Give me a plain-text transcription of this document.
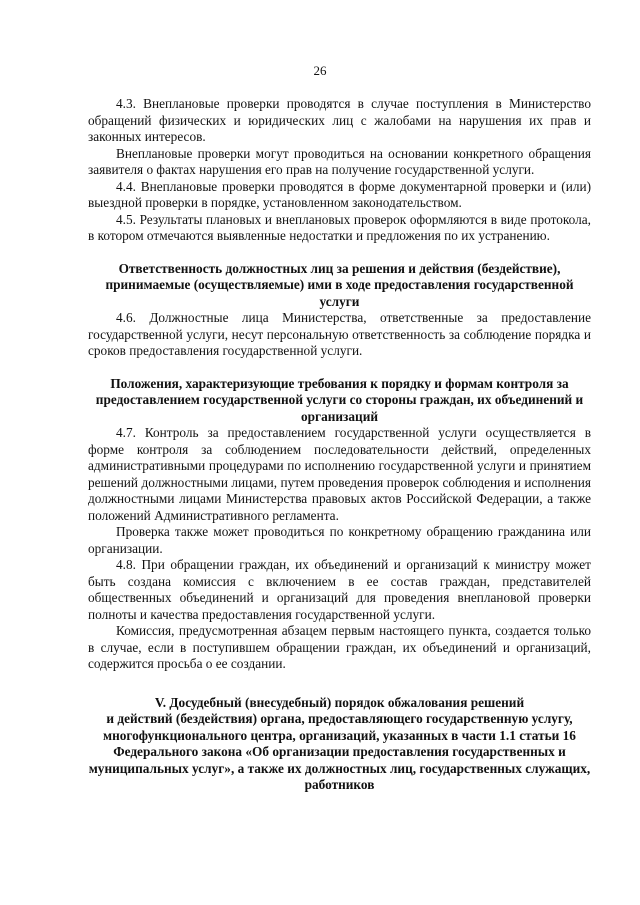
26

4.3. Внеплановые проверки проводятся в случае поступления в Министерство обращений физических и юридических лиц с жалобами на нарушения их прав и законных интересов.

Внеплановые проверки могут проводиться на основании конкретного обращения заявителя о фактах нарушения его прав на получение государственной услуги.

4.4. Внеплановые проверки проводятся в форме документарной проверки и (или) выездной проверки в порядке, установленном законодательством.

4.5. Результаты плановых и внеплановых проверок оформляются в виде протокола, в котором отмечаются выявленные недостатки и предложения по их устранению.

Ответственность должностных лиц за решения и действия (бездействие), принимаемые (осуществляемые) ими в ходе предоставления государственной услуги

4.6. Должностные лица Министерства, ответственные за предоставление государственной услуги, несут персональную ответственность за соблюдение порядка и сроков предоставления государственной услуги.

Положения, характеризующие требования к порядку и формам контроля за предоставлением государственной услуги со стороны граждан, их объединений и организаций

4.7. Контроль за предоставлением государственной услуги осуществляется в форме контроля за соблюдением последовательности действий, определенных административными процедурами по исполнению государственной услуги и принятием решений должностными лицами, путем проведения проверок соблюдения и исполнения должностными лицами Министерства правовых актов Российской Федерации, а также положений Административного регламента.

Проверка также может проводиться по конкретному обращению гражданина или организации.

4.8. При обращении граждан, их объединений и организаций к министру может быть создана комиссия с включением в ее состав граждан, представителей общественных объединений и организаций для проведения внеплановой проверки полноты и качества предоставления государственной услуги.

Комиссия, предусмотренная абзацем первым настоящего пункта, создается только в случае, если в поступившем обращении граждан, их объединений и организаций, содержится просьба о ее создании.

V. Досудебный (внесудебный) порядок обжалования решений

и действий (бездействия) органа, предоставляющего государственную услугу, многофункционального центра, организаций, указанных в части 1.1 статьи 16 Федерального закона «Об организации предоставления государственных и муниципальных услуг», а также их должностных лиц, государственных служащих, работников
